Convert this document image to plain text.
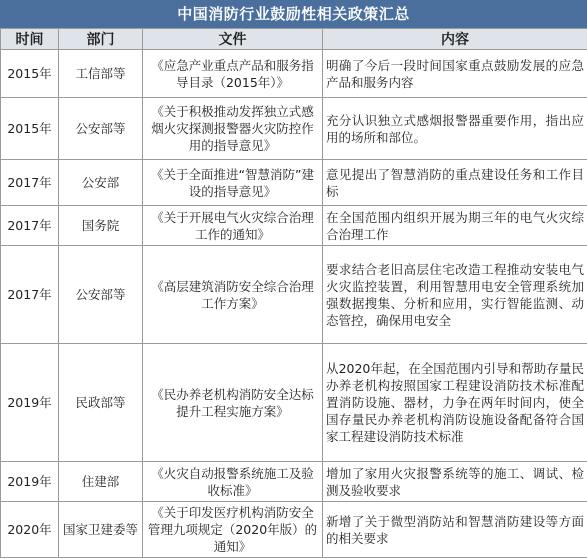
中国消防行业鼓励性相关政策汇总
时间	部门	文件	内容
2015年	工信部等	《应急产业重点产品和服务指导目录（2015年）》	明确了今后一段时间国家重点鼓励发展的应急产品和服务内容
2015年	公安部等	《关于积极推动发挥独立式感烟火灾探测报警器火灾防控作用的指导意见》	充分认识独立式感烟报警器重要作用，指出应用的场所和部位。
2017年	公安部	《关于全面推进“智慧消防”建设的指导意见》	意见提出了智慧消防的重点建设任务和工作目标
2017年	国务院	《关于开展电气火灾综合治理工作的通知》	在全国范围内组织开展为期三年的电气火灾综合治理工作
2017年	公安部等	《高层建筑消防安全综合治理工作方案》	要求结合老旧高层住宅改造工程推动安装电气火灾监控装置，利用智慧用电安全管理系统加强数据搜集、分析和应用，实行智能监测、动态管控，确保用电安全
2019年	民政部等	《民办养老机构消防安全达标提升工程实施方案》	从2020年起，在全国范围内引导和帮助存量民办养老机构按照国家工程建设消防技术标准配置消防设施、器材，力争在两年时间内，使全国存量民办养老机构消防设施设备配备符合国家工程建设消防技术标准
2019年	住建部	《火灾自动报警系统施工及验收标准》	增加了家用火灾报警系统等的施工、调试、检测及验收要求
2020年	国家卫建委等	《关于印发医疗机构消防安全管理九项规定（2020年版）的通知》	新增了关于微型消防站和智慧消防建设等方面的相关要求
